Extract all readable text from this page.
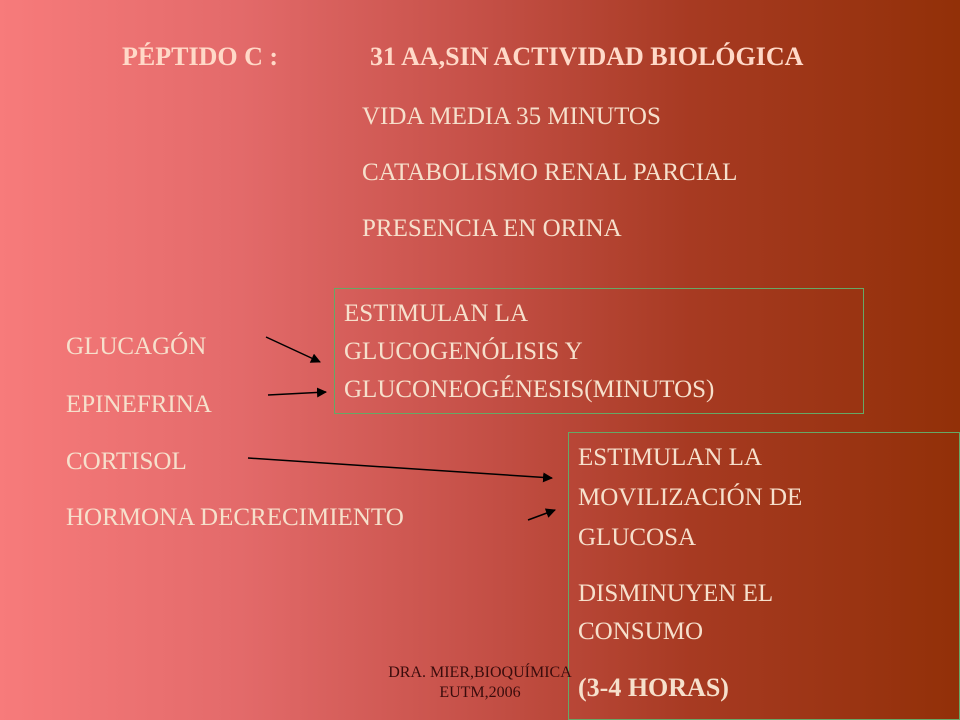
PÉPTIDO C :	31 AA,SIN ACTIVIDAD BIOLÓGICA
VIDA MEDIA 35 MINUTOS
CATABOLISMO RENAL PARCIAL
PRESENCIA EN ORINA
GLUCAGÓN
EPINEFRINA
CORTISOL
HORMONA DECRECIMIENTO
ESTIMULAN LA
GLUCOGENÓLISIS Y
GLUCONEOGÉNESIS(MINUTOS)
ESTIMULAN LA
MOVILIZACIÓN DE
GLUCOSA
DISMINUYEN EL
CONSUMO
(3-4 HORAS)
DRA. MIER,BIOQUÍMICA
EUTM,2006
